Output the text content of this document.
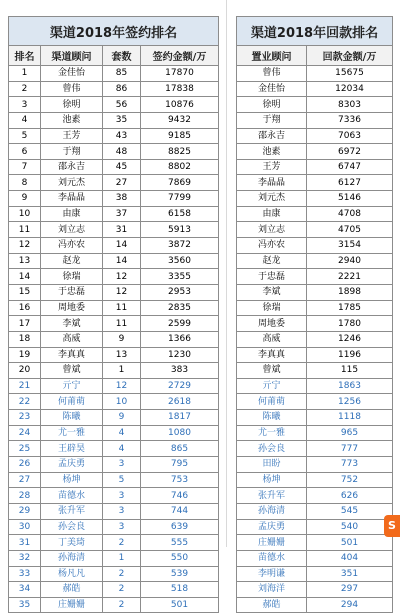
渠道2018年签约排名			
排名	渠道顾问	套数	签约金额/万
1	金佳怡	85	17870
2	曾伟	86	17838
3	徐明	56	10876
4	池素	35	9432
5	王芳	43	9185
6	于翔	48	8825
7	邵永吉	45	8802
8	刘元杰	27	7869
9	李晶晶	38	7799
10	由康	37	6158
11	刘立志	31	5913
12	冯亦农	14	3872
13	赵龙	14	3560
14	徐瑞	12	3355
15	于忠磊	12	2953
16	周地委	11	2835
17	李斌	11	2599
18	高威	9	1366
19	李真真	13	1230
20	曾斌	1	383
21	亓宁	12	2729
22	何莆萌	10	2618
23	陈曦	9	1817
24	尤一雅	4	1080
25	王辟昊	4	865
26	孟庆勇	3	795
27	杨坤	5	753
28	苗德水	3	746
29	张升军	3	744
30	孙会良	3	639
31	丁美琦	2	555
32	孙海清	1	550
33	杨凡凡	2	539
34	郝皓	2	518
35	庄姗姗	2	501
渠道2018年回款排名	
置业顾问	回款金额/万
曾伟	15675
金佳怡	12034
徐明	8303
于翔	7336
邵永吉	7063
池素	6972
王芳	6747
李晶晶	6127
刘元杰	5146
由康	4708
刘立志	4705
冯亦农	3154
赵龙	2940
于忠磊	2221
李斌	1898
徐瑞	1785
周地委	1780
高威	1246
李真真	1196
曾斌	115
亓宁	1863
何莆萌	1256
陈曦	1118
尤一雅	965
孙会良	777
田盼	773
杨坤	752
张升军	626
孙海清	545
孟庆勇	540
庄姗姗	501
苗德水	404
李明谦	351
刘海洋	297
郝皓	294
S
